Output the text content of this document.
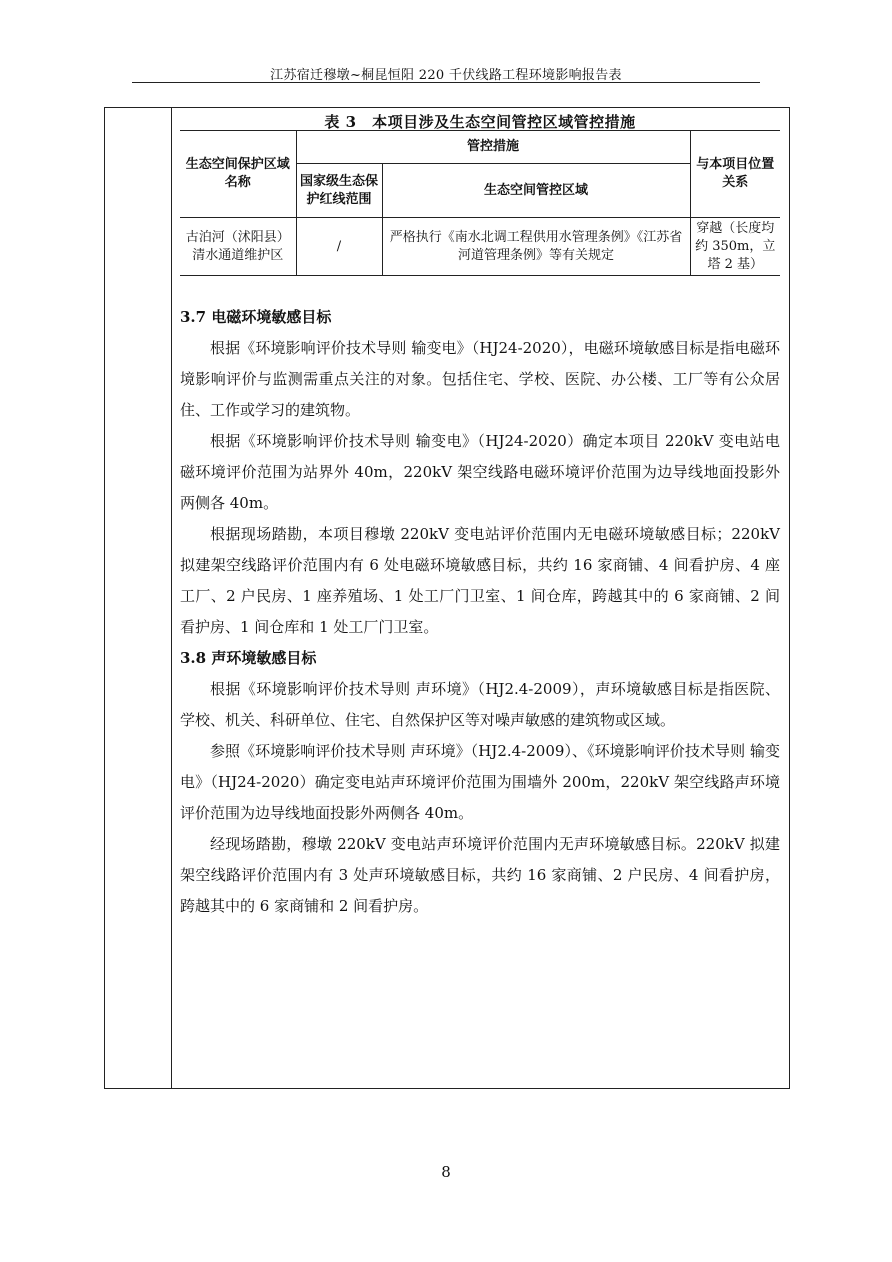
江苏宿迁穆墩~桐昆恒阳 220 千伏线路工程环境影响报告表
表 3　本项目涉及生态空间管控区域管控措施
生态空间保护区域名称	管控措施		与本项目位置关系
	国家级生态保护红线范围	生态空间管控区域	
古泊河（沭阳县）清水通道维护区	/	严格执行《南水北调工程供用水管理条例》《江苏省河道管理条例》等有关规定	穿越（长度均约 350m，立塔 2 基）
3.7 电磁环境敏感目标

根据《环境影响评价技术导则 输变电》（HJ24-2020），电磁环境敏感目标是指电磁环境影响评价与监测需重点关注的对象。包括住宅、学校、医院、办公楼、工厂等有公众居住、工作或学习的建筑物。

根据《环境影响评价技术导则 输变电》（HJ24-2020）确定本项目 220kV 变电站电磁环境评价范围为站界外 40m，220kV 架空线路电磁环境评价范围为边导线地面投影外两侧各 40m。

根据现场踏勘，本项目穆墩 220kV 变电站评价范围内无电磁环境敏感目标；220kV 拟建架空线路评价范围内有 6 处电磁环境敏感目标，共约 16 家商铺、4 间看护房、4 座工厂、2 户民房、1 座养殖场、1 处工厂门卫室、1 间仓库，跨越其中的 6 家商铺、2 间看护房、1 间仓库和 1 处工厂门卫室。

3.8 声环境敏感目标

根据《环境影响评价技术导则 声环境》（HJ2.4-2009），声环境敏感目标是指医院、学校、机关、科研单位、住宅、自然保护区等对噪声敏感的建筑物或区域。

参照《环境影响评价技术导则 声环境》（HJ2.4-2009）、《环境影响评价技术导则 输变电》（HJ24-2020）确定变电站声环境评价范围为围墙外 200m，220kV 架空线路声环境评价范围为边导线地面投影外两侧各 40m。

经现场踏勘，穆墩 220kV 变电站声环境评价范围内无声环境敏感目标。220kV 拟建架空线路评价范围内有 3 处声环境敏感目标，共约 16 家商铺、2 户民房、4 间看护房，跨越其中的 6 家商铺和 2 间看护房。

8
